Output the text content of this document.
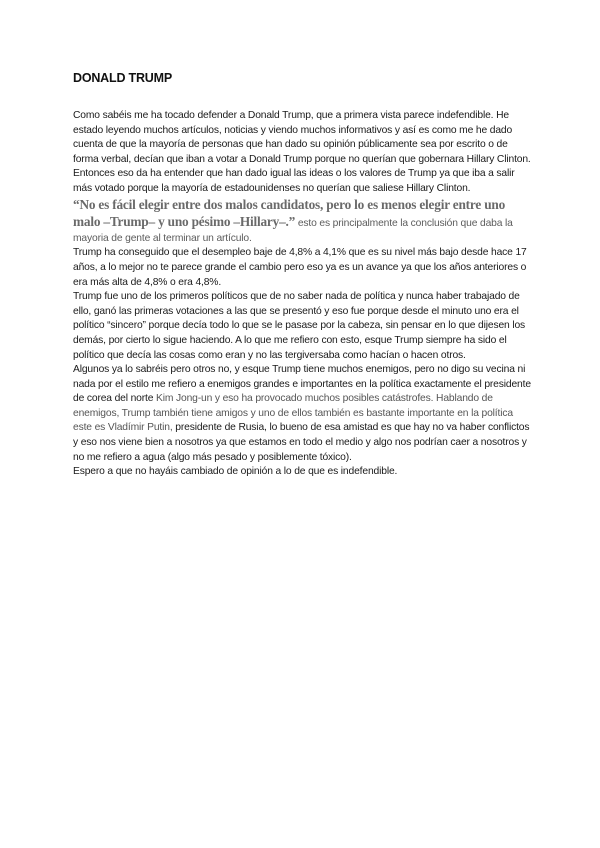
DONALD TRUMP

Como sabéis me ha tocado defender a Donald Trump, que a primera vista parece indefendible. He estado leyendo muchos artículos, noticias y viendo muchos informativos y así es como me he dado cuenta de que la mayoría de personas que han dado su opinión públicamente sea por escrito o de forma verbal, decían que iban a votar a Donald Trump porque no querían que gobernara Hillary Clinton. Entonces eso da ha entender que han dado igual las ideas o los valores de Trump ya que iba a salir más votado porque la mayoría de estadounidenses no querían que saliese Hillary Clinton.

“No es fácil elegir entre dos malos candidatos, pero lo es menos elegir entre uno malo –Trump– y uno pésimo –Hillary–.” esto es principalmente la conclusión que daba la mayoria de gente al terminar un artículo.

Trump ha conseguido que el desempleo baje de 4,8% a 4,1% que es su nivel más bajo desde hace 17 años, a lo mejor no te parece grande el cambio pero eso ya es un avance ya que los años anteriores o era más alta de 4,8% o era 4,8%.

Trump fue uno de los primeros políticos que de no saber nada de política y nunca haber trabajado de ello, ganó las primeras votaciones a las que se presentó y eso fue porque desde el minuto uno era el político “sincero” porque decía todo lo que se le pasase por la cabeza, sin pensar en lo que dijesen los demás, por cierto lo sigue haciendo. A lo que me refiero con esto, esque Trump siempre ha sido el político que decía las cosas como eran y no las tergiversaba como hacían o hacen otros.

Algunos ya lo sabréis pero otros no, y esque Trump tiene muchos enemigos, pero no digo su vecina ni nada por el estilo me refiero a enemigos grandes e importantes en la política exactamente el presidente de corea del norte Kim Jong-un y eso ha provocado muchos posibles catástrofes. Hablando de enemigos, Trump también tiene amigos y uno de ellos también es bastante importante en la política este es Vladímir Putin, presidente de Rusia, lo bueno de esa amistad es que hay no va haber conflictos y eso nos viene bien a nosotros ya que estamos en todo el medio y algo nos podrían caer a nosotros y no me refiero a agua (algo más pesado y posiblemente tóxico).

Espero a que no hayáis cambiado de opinión a lo de que es indefendible.
